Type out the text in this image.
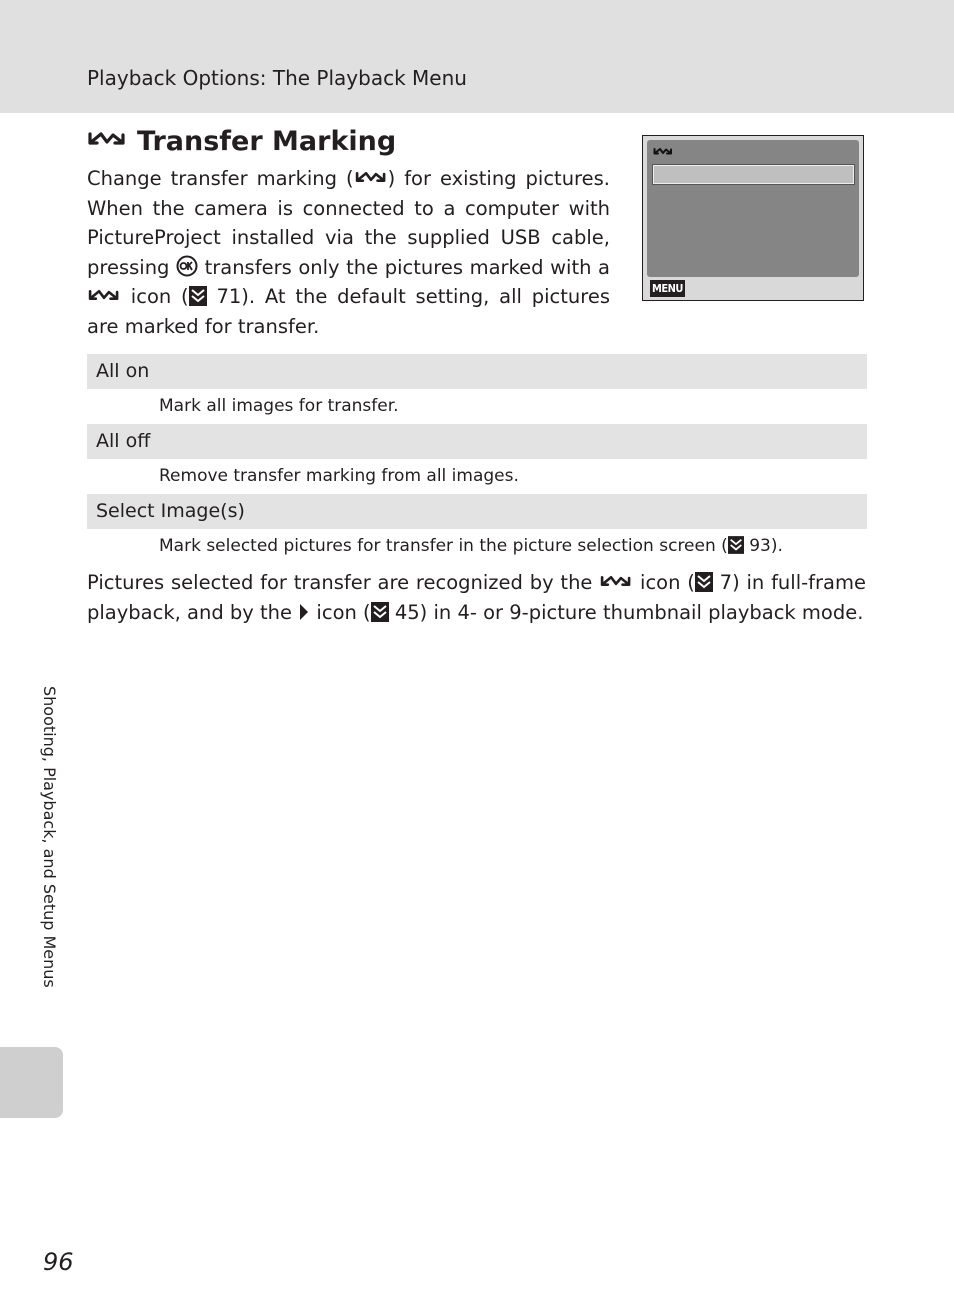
Playback Options: The Playback Menu
Transfer Marking
Change transfer marking ( ) for existing pictures. When the camera is connected to a computer with PictureProject installed via the supplied USB cable, pressing  transfers only the pictures marked with a  icon ( 71). At the default setting, all pictures are marked for transfer.
MENU
All on
Mark all images for transfer.
All off
Remove transfer marking from all images.
Select Image(s)
Mark selected pictures for transfer in the picture selection screen ( 93).
Pictures selected for transfer are recognized by the  icon ( 7) in full-frame playback, and by the  icon ( 45) in 4- or 9-picture thumbnail playback mode.
Shooting, Playback, and Setup Menus
96
